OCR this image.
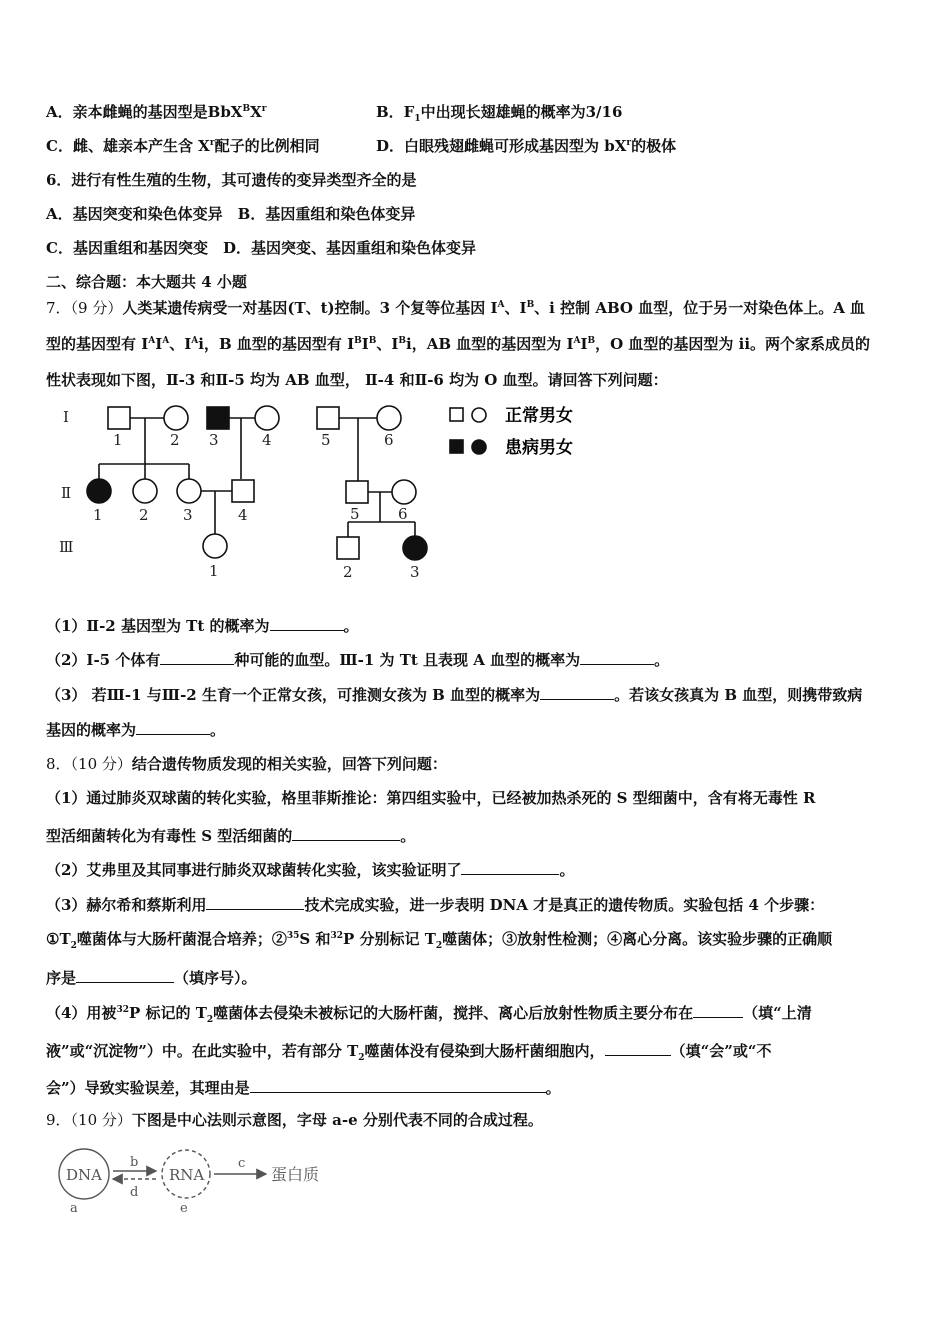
A．亲本雌蝇的基因型是$BbX^BX^r$	B．$F_1$中出现长翅雄蝇的概率为3/16
C．雌、雄亲本产生含 $X^r$配子的比例相同	D．白眼残翅雌蝇可形成基因型为 $bX^r$的极体
6．进行有性生殖的生物，其可遗传的变异类型齐全的是
A．基因突变和染色体变异　B．基因重组和染色体变异
C．基因重组和基因突变　D．基因突变、基因重组和染色体变异
二、综合题：本大题共 4 小题
7．（9 分）人类某遗传病受一对基因(T、t)控制。3 个复等位基因 $I^A$、$I^B$、i 控制 ABO 血型，位于另一对染色体上。A 血
型的基因型有 $I^AI^A$、$I^Ai$，B 血型的基因型有 $I^BI^B$、$I^Bi$，AB 血型的基因型为 $I^AI^B$，O 血型的基因型为 ii。两个家系成员的
性状表现如下图，Ⅱ-3 和Ⅱ-5 均为 AB 血型， Ⅱ-4 和Ⅱ-6 均为 O 血型。请回答下列问题：
Ⅰ
Ⅱ
Ⅲ
1	2 3	4
1 2 3	4
1
5	6
5	6
2	3
正常男女
患病男女
（1）Ⅱ-2 基因型为 Tt 的概率为	。
（2）Ⅰ-5 个体有	种可能的血型。Ⅲ-1 为 Tt 且表现 A 血型的概率为	。
（3） 若Ⅲ-1 与Ⅲ-2 生育一个正常女孩，可推测女孩为 B 血型的概率为	。若该女孩真为 B 血型，则携带致病
基因的概率为	。
8．（10 分）结合遗传物质发现的相关实验，回答下列问题：
（1）通过肺炎双球菌的转化实验，格里菲斯推论：第四组实验中，已经被加热杀死的 S 型细菌中，含有将无毒性 R
型活细菌转化为有毒性 S 型活细菌的	。
（2）艾弗里及其同事进行肺炎双球菌转化实验，该实验证明了	。
（3）赫尔希和蔡斯利用	技术完成实验，进一步表明 DNA 才是真正的遗传物质。实验包括 4 个步骤：
$①T_2$噬菌体与大肠杆菌混合培养；②$^{35}$S 和$^{32}$P 分别标记 $T_2$噬菌体；③放射性检测；④离心分离。该实验步骤的正确顺
序是	（填序号）。
（4）用被$^{32}$P 标记的 $T_2$噬菌体去侵染未被标记的大肠杆菌，搅拌、离心后放射性物质主要分布在	（填“上清
液”或“沉淀物”）中。在此实验中，若有部分 $T_2$噬菌体没有侵染到大肠杆菌细胞内，	（填“会”或“不
会”）导致实验误差，其理由是	。
9．（10 分）下图是中心法则示意图，字母 a-e 分别代表不同的合成过程。
DNA	RNA	蛋白质
b
d
c
a	e
